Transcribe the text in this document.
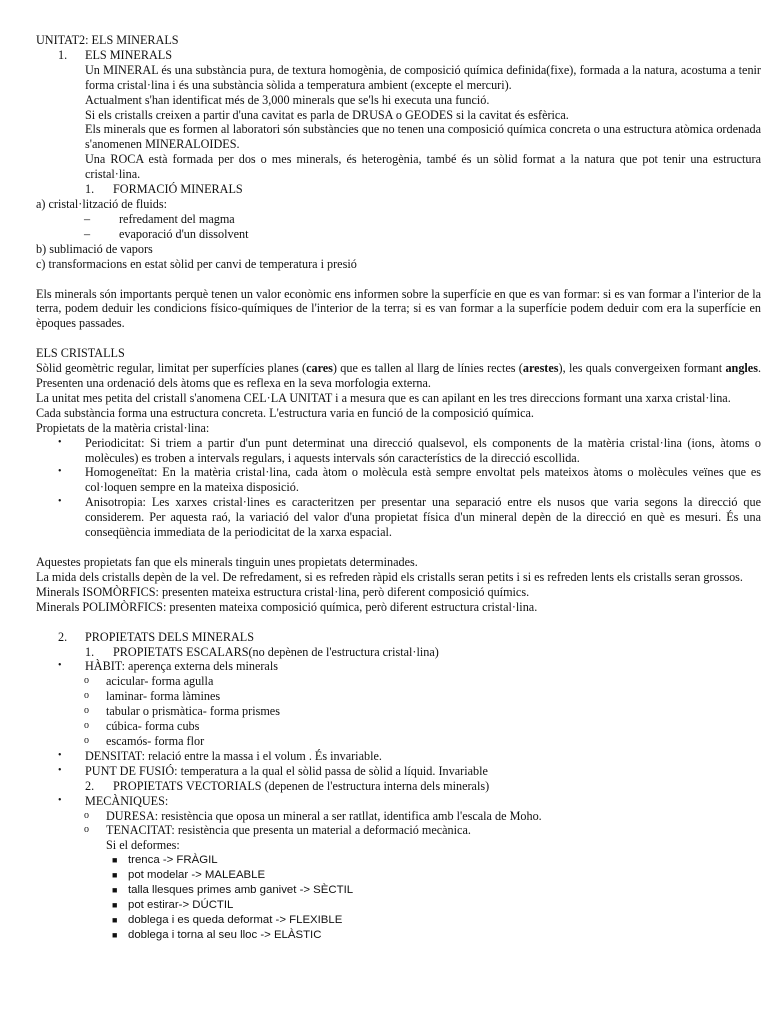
UNITAT2: ELS MINERALS

1. ELS MINERALS

Un MINERAL és una substància pura, de textura homogènia, de composició química definida(fixe), formada a la natura, acostuma a tenir forma cristal·lina i és una substància sòlida a temperatura ambient (excepte el mercuri).

Actualment s'han identificat més de 3,000 minerals que se'ls hi executa una funció.

Si els cristalls creixen a partir d'una cavitat es parla de DRUSA o GEODES si la cavitat és esfèrica.

Els minerals que es formen al laboratori són substàncies que no tenen una composició química concreta o una estructura atòmica ordenada s'anomenen MINERALOIDES.

Una ROCA està formada per dos o mes minerals, és heterogènia, també és un sòlid format a la natura que pot tenir una estructura cristal·lina.

1. FORMACIÓ MINERALS

a) cristal·lització de fluids:

– refredament del magma

– evaporació d'un dissolvent

b) sublimació de vapors

c) transformacions en estat sòlid per canvi de temperatura i presió

Els minerals són importants perquè tenen un valor econòmic ens informen sobre la superfície en que es van formar: si es van formar a l'interior de la terra, podem deduir les condicions físico-químiques de l'interior de la terra; si es van formar a la superfície podem deduir com era la superfície en èpoques passades.

ELS CRISTALLS

Sòlid geomètric regular, limitat per superfícies planes (cares) que es tallen al llarg de línies rectes (arestes), les quals convergeixen formant angles. Presenten una ordenació dels àtoms que es reflexa en la seva morfologia externa.

La unitat mes petita del cristall s'anomena CEL·LA UNITAT i a mesura que es can apilant en les tres direccions formant una xarxa cristal·lina.

Cada substància forma una estructura concreta. L'estructura varia en funció de la composició química.

Propietats de la matèria cristal·lina:

• Periodicitat: Si triem a partir d'un punt determinat una direcció qualsevol, els components de la matèria cristal·lina (ions, àtoms o molècules) es troben a intervals regulars, i aquests intervals són característics de la direcció escollida.

• Homogeneïtat: En la matèria cristal·lina, cada àtom o molècula està sempre envoltat pels mateixos àtoms o molècules veïnes que es col·loquen sempre en la mateixa disposició.

• Anisotropia: Les xarxes cristal·lines es caracteritzen per presentar una separació entre els nusos que varia segons la direcció que considerem. Per aquesta raó, la variació del valor d'una propietat física d'un mineral depèn de la direcció en què es mesuri. És una conseqüència immediata de la periodicitat de la xarxa espacial.

Aquestes propietats fan que els minerals tinguin unes propietats determinades.

La mida dels cristalls depèn de la vel. De refredament, si es refreden ràpid els cristalls seran petits i si es refreden lents els cristalls seran grossos.

Minerals ISOMÒRFICS: presenten mateixa estructura cristal·lina, però diferent composició químics.

Minerals POLIMÒRFICS: presenten mateixa composició química, però diferent estructura cristal·lina.

2. PROPIETATS DELS MINERALS

1. PROPIETATS ESCALARS(no depènen de l'estructura cristal·lina)

• HÀBIT: aperença externa dels minerals

o acicular- forma agulla

o laminar- forma làmines

o tabular o prismàtica- forma prismes

o cúbica- forma cubs

o escamós- forma flor

• DENSITAT: relació entre la massa i el volum . És invariable.

• PUNT DE FUSIÓ: temperatura a la qual el sòlid passa de sòlid a líquid. Invariable

2. PROPIETATS VECTORIALS (depenen de l'estructura interna dels minerals)

• MECÀNIQUES:

o DURESA: resistència que oposa un mineral a ser ratllat, identifica amb l'escala de Moho.

o TENACITAT: resistència que presenta un material a deformació mecànica.

Si el deformes:

■ trenca -> FRÀGIL

■ pot modelar -> MALEABLE

■ talla llesques primes amb ganivet -> SÈCTIL

■ pot estirar-> DÚCTIL

■ doblega i es queda deformat -> FLEXIBLE

■ doblega i torna al seu lloc -> ELÀSTIC
